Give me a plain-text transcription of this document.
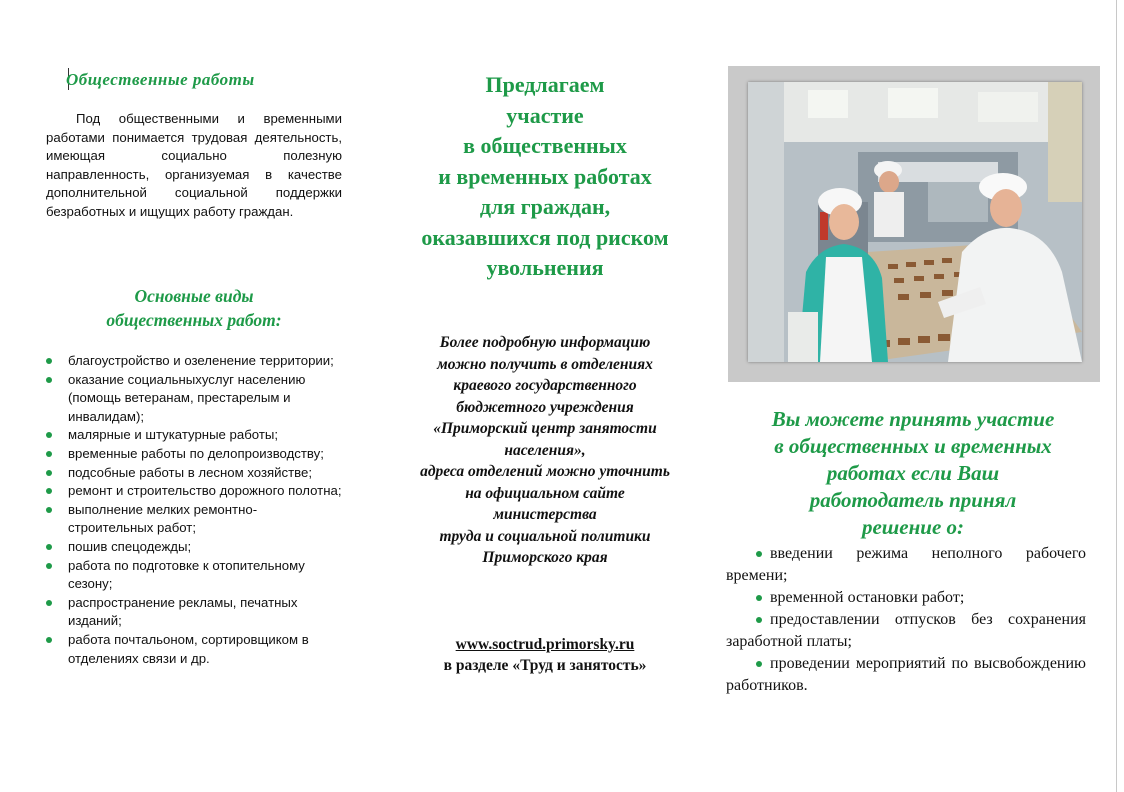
Общественные работы

Под общественными и временными работами понимается трудовая деятельность, имеющая социально полезную направленность, организуемая в качестве дополнительной социальной поддержки безработных и ищущих работу граждан.

Основные виды
общественных работ:
благоустройство и озеленение территории;
оказание социальныхуслуг населению (помощь ветеранам, престарелым и инвалидам);
малярные и штукатурные работы;
временные работы по делопроизводству;
подсобные работы в лесном хозяйстве;
ремонт и строительство дорожного полотна;
выполнение мелких ремонтно-строительных работ;
пошив спецодежды;
работа по подготовке к отопительному сезону;
распространение рекламы, печатных изданий;
работа почтальоном, сортировщиком в отделениях связи и др.
Предлагаем
участие
в общественных
и временных работах
для граждан,
оказавшихся под риском
увольнения
Более подробную информацию
можно получить в отделениях
краевого государственного
бюджетного учреждения
«Приморский центр занятости
населения»,
адреса отделений можно уточнить
на официальном сайте
министерства
труда и социальной политики
Приморского края
www.soctrud.primorsky.ru
в разделе «Труд и занятость»
Вы можете принять участие
в общественных и временных
работах если Ваш
работодатель принял
решение о:
введении режима неполного рабочего времени;
временной остановки работ;
предоставлении отпусков без сохранения заработной платы;
проведении мероприятий по высвобождению работников.
